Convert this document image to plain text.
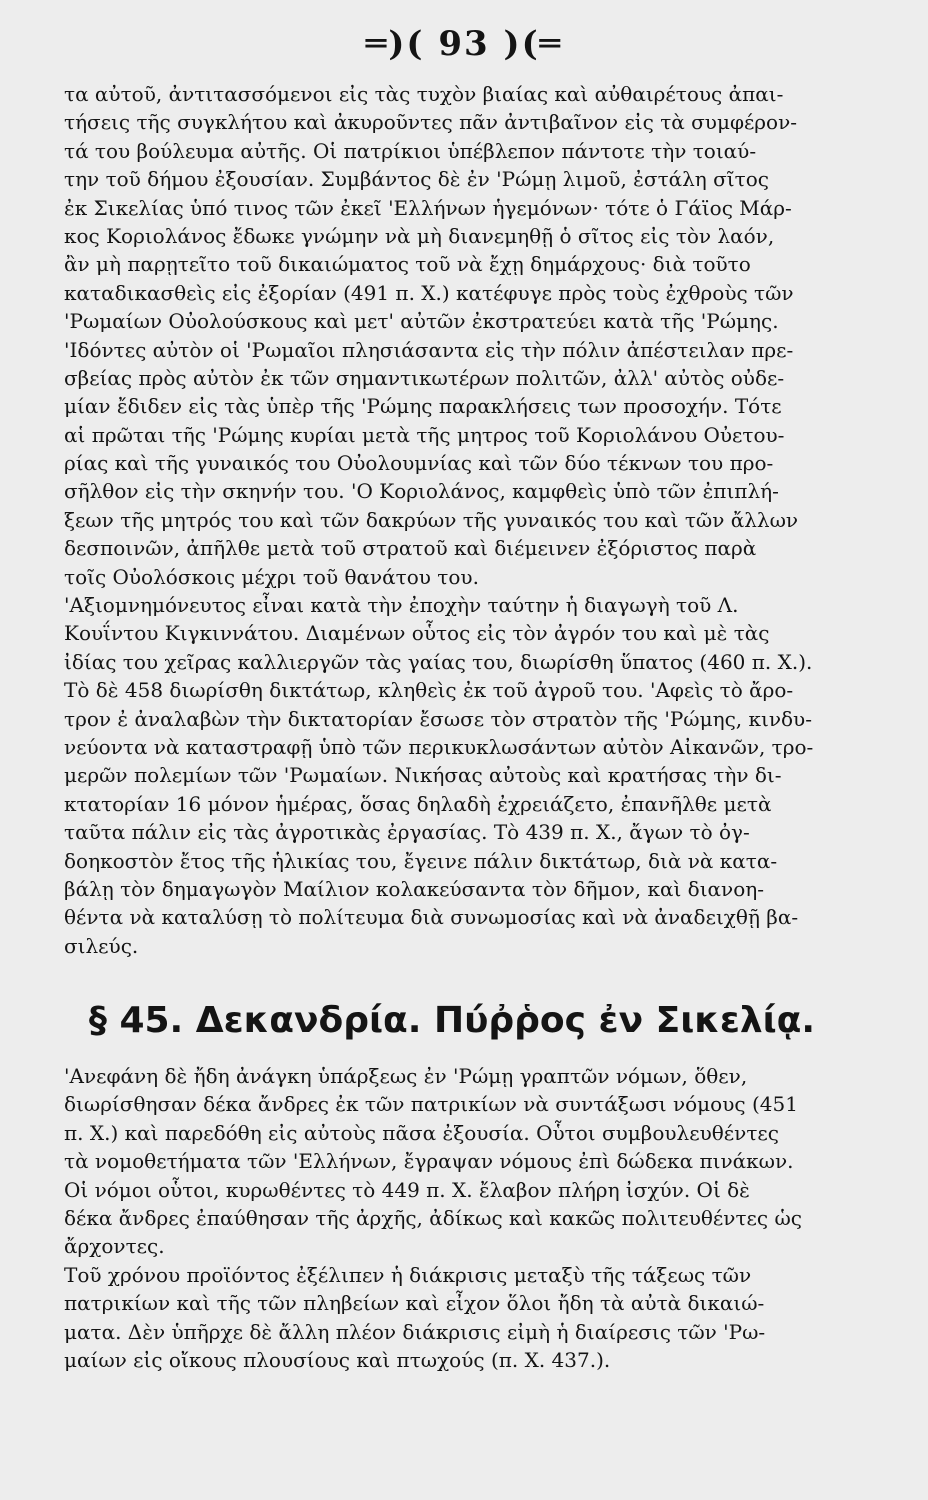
═)( 93 )(═
τα αὐτοῦ, ἀντιτασσόμενοι εἰς τὰς τυχὸν βιαίας καὶ αὐθαιρέτους ἀπαι-
τήσεις τῆς συγκλήτου καὶ ἀκυροῦντες πᾶν ἀντιβαῖνον εἰς τὰ συμφέρον-
τά του βούλευμα αὐτῆς. Οἱ πατρίκιοι ὑπέβλεπον πάντοτε τὴν τοιαύ-
την τοῦ δήμου ἐξουσίαν. Συμβάντος δὲ ἐν 'Ρώμῃ λιμοῦ, ἐστάλη σῖτος
ἐκ Σικελίας ὑπό τινος τῶν ἐκεῖ 'Ελλήνων ἡγεμόνων· τότε ὁ Γάϊος Μάρ-
κος Κοριολάνος ἔδωκε γνώμην νὰ μὴ διανεμηθῇ ὁ σῖτος εἰς τὸν λαόν,
ἂν μὴ παρῃτεῖτο τοῦ δικαιώματος τοῦ νὰ ἔχῃ δημάρχους· διὰ τοῦτο
καταδικασθεὶς εἰς ἐξορίαν (491 π. Χ.) κατέφυγε πρὸς τοὺς ἐχθροὺς τῶν
'Ρωμαίων Οὐολούσκους καὶ μετ' αὐτῶν ἐκστρατεύει κατὰ τῆς 'Ρώμης.
'Ιδόντες αὐτὸν οἱ 'Ρωμαῖοι πλησιάσαντα εἰς τὴν πόλιν ἀπέστειλαν πρε-
σβείας πρὸς αὐτὸν ἐκ τῶν σημαντικωτέρων πολιτῶν, ἀλλ' αὐτὸς οὐδε-
μίαν ἔδιδεν εἰς τὰς ὑπὲρ τῆς 'Ρώμης παρακλήσεις των προσοχήν. Τότε
αἱ πρῶται τῆς 'Ρώμης κυρίαι μετὰ τῆς μητρος τοῦ Κοριολάνου Οὐετου-
ρίας καὶ τῆς γυναικός του Οὐολουμνίας καὶ τῶν δύο τέκνων του προ-
σῆλθον εἰς τὴν σκηνήν του. 'Ο Κοριολάνος, καμφθεὶς ὑπὸ τῶν ἐπιπλή-
ξεων τῆς μητρός του καὶ τῶν δακρύων τῆς γυναικός του καὶ τῶν ἄλλων
δεσποινῶν, ἀπῆλθε μετὰ τοῦ στρατοῦ καὶ διέμεινεν ἐξόριστος παρὰ
τοῖς Οὐολόσκοις μέχρι τοῦ θανάτου του.
'Αξιομνημόνευτος εἶναι κατὰ τὴν ἐποχὴν ταύτην ἡ διαγωγὴ τοῦ Λ.
Κουΐντου Κιγκιννάτου. Διαμένων οὗτος εἰς τὸν ἀγρόν του καὶ μὲ τὰς
ἰδίας του χεῖρας καλλιεργῶν τὰς γαίας του, διωρίσθη ὕπατος (460 π. Χ.).
Τὸ δὲ 458 διωρίσθη δικτάτωρ, κληθεὶς ἐκ τοῦ ἀγροῦ του. 'Αφεὶς τὸ ἄρο-
τρον ἐ ἀναλαβὼν τὴν δικτατορίαν ἔσωσε τὸν στρατὸν τῆς 'Ρώμης, κινδυ-
νεύοντα νὰ καταστραφῇ ὑπὸ τῶν περικυκλωσάντων αὐτὸν Αἰκανῶν, τρο-
μερῶν πολεμίων τῶν 'Ρωμαίων. Νικήσας αὐτοὺς καὶ κρατήσας τὴν δι-
κτατορίαν 16 μόνον ἡμέρας, ὅσας δηλαδὴ ἐχρειάζετο, ἐπανῆλθε μετὰ
ταῦτα πάλιν εἰς τὰς ἀγροτικὰς ἐργασίας. Τὸ 439 π. Χ., ἄγων τὸ ὀγ-
δοηκοστὸν ἔτος τῆς ἡλικίας του, ἔγεινε πάλιν δικτάτωρ, διὰ νὰ κατα-
βάλῃ τὸν δημαγωγὸν Μαίλιον κολακεύσαντα τὸν δῆμον, καὶ διανοη-
θέντα νὰ καταλύσῃ τὸ πολίτευμα διὰ συνωμοσίας καὶ νὰ ἀναδειχθῇ βα-
σιλεύς.
§ 45. Δεκανδρία. Πύῤῥος ἐν Σικελίᾳ.
'Ανεφάνη δὲ ἤδη ἀνάγκη ὑπάρξεως ἐν 'Ρώμῃ γραπτῶν νόμων, ὅθεν,
διωρίσθησαν δέκα ἄνδρες ἐκ τῶν πατρικίων νὰ συντάξωσι νόμους (451
π. Χ.) καὶ παρεδόθη εἰς αὐτοὺς πᾶσα ἐξουσία. Οὗτοι συμβουλευθέντες
τὰ νομοθετήματα τῶν 'Ελλήνων, ἔγραψαν νόμους ἐπὶ δώδεκα πινάκων.
Οἱ νόμοι οὗτοι, κυρωθέντες τὸ 449 π. Χ. ἔλαβον πλήρη ἰσχύν. Οἱ δὲ
δέκα ἄνδρες ἐπαύθησαν τῆς ἀρχῆς, ἀδίκως καὶ κακῶς πολιτευθέντες ὡς
ἄρχοντες.
Τοῦ χρόνου προϊόντος ἐξέλιπεν ἡ διάκρισις μεταξὺ τῆς τάξεως τῶν
πατρικίων καὶ τῆς τῶν πληβείων καὶ εἶχον ὅλοι ἤδη τὰ αὐτὰ δικαιώ-
ματα. Δὲν ὑπῆρχε δὲ ἄλλη πλέον διάκρισις εἰμὴ ἡ διαίρεσις τῶν 'Ρω-
μαίων εἰς οἴκους πλουσίους καὶ πτωχούς (π. Χ. 437.).
